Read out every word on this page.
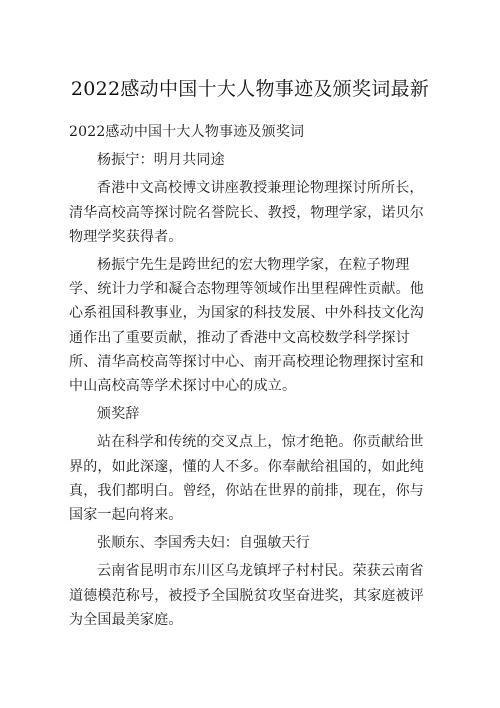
2022感动中国十大人物事迹及颁奖词最新

2022感动中国十大人物事迹及颁奖词

杨振宁：明月共同途

香港中文高校博文讲座教授兼理论物理探讨所所长，清华高校高等探讨院名誉院长、教授，物理学家，诺贝尔物理学奖获得者。

杨振宁先生是跨世纪的宏大物理学家，在粒子物理学、统计力学和凝合态物理等领域作出里程碑性贡献。他心系祖国科教事业，为国家的科技发展、中外科技文化沟通作出了重要贡献，推动了香港中文高校数学科学探讨所、清华高校高等探讨中心、南开高校理论物理探讨室和中山高校高等学术探讨中心的成立。

颁奖辞

站在科学和传统的交叉点上，惊才绝艳。你贡献给世界的，如此深邃，懂的人不多。你奉献给祖国的，如此纯真，我们都明白。曾经，你站在世界的前排，现在，你与国家一起向将来。

张顺东、李国秀夫妇：自强敏天行

云南省昆明市东川区乌龙镇坪子村村民。荣获云南省道德模范称号，被授予全国脱贫攻坚奋进奖，其家庭被评为全国最美家庭。
